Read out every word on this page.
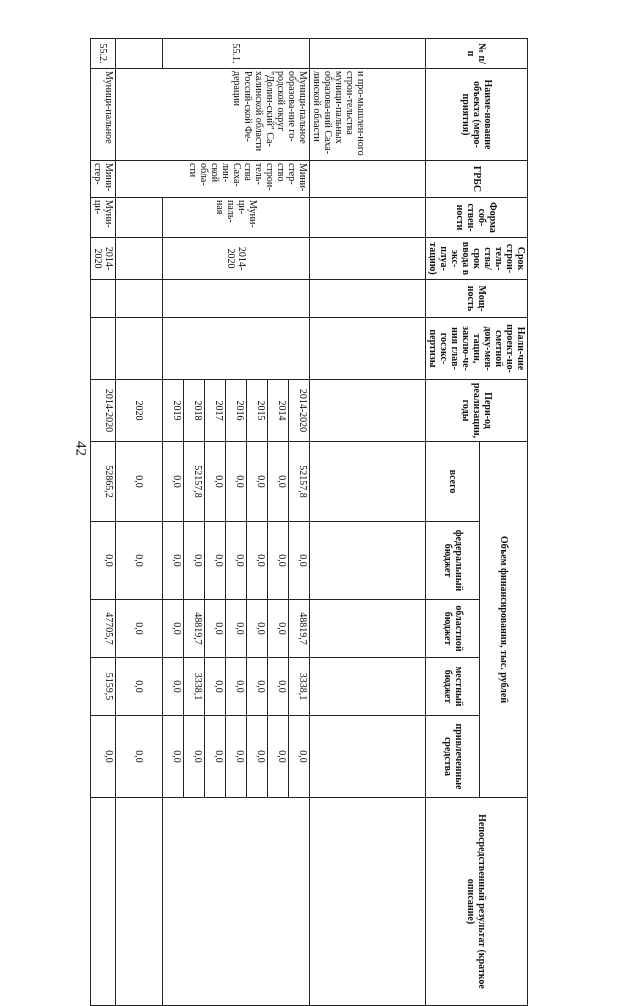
42
№ п/п	Наиме-нование объекта (меро-приятия)	ГРБС	Форма соб-ствен-ности	Срок строи-тель-ства/срок ввода в экс-плуа-тацию)	Мощ-ность	Нали-чие проект-но-сметной доку-мен-тации, заклю-че-ния глав-госэкс-пертизы	Пери-од реализации, годы	Объем финансирования, тыс. рублей					Непосредственный результат (краткое описание)
								всего	федеральный бюджет	областной бюджет	местный бюджет	привлеченные средства	
	и про-мышлен-ного строи-тельства муници-пальных образова-ний Саха-линской области												
55.1.	Муници-пальное образова-ние го-родской округ "Долин-ский" Са-халинской области Россий-ской Фе-дерации	Мини-стер-ство строи-тель-ства Саха-лин-ской обла-сти	Муни-ци-паль-ная	2014-2020			2014-2020	52157,8	0,0	48819,7	3338,1	0,0	
							2014	0,0	0,0	0,0	0,0	0,0	
							2015	0,0	0,0	0,0	0,0	0,0	
							2016	0,0	0,0	0,0	0,0	0,0	
							2017	0,0	0,0	0,0	0,0	0,0	
							2018	52157,8	0,0	48819,7	3338,1	0,0	
							2019	0,0	0,0	0,0	0,0	0,0	
							2020	0,0	0,0	0,0	0,0	0,0	
55.2.	Муници-пальное	Мини-стер-	Муни-ци-	2014-2020			2014-2020	52865,2	0,0	47705,7	5159,5	0,0	
